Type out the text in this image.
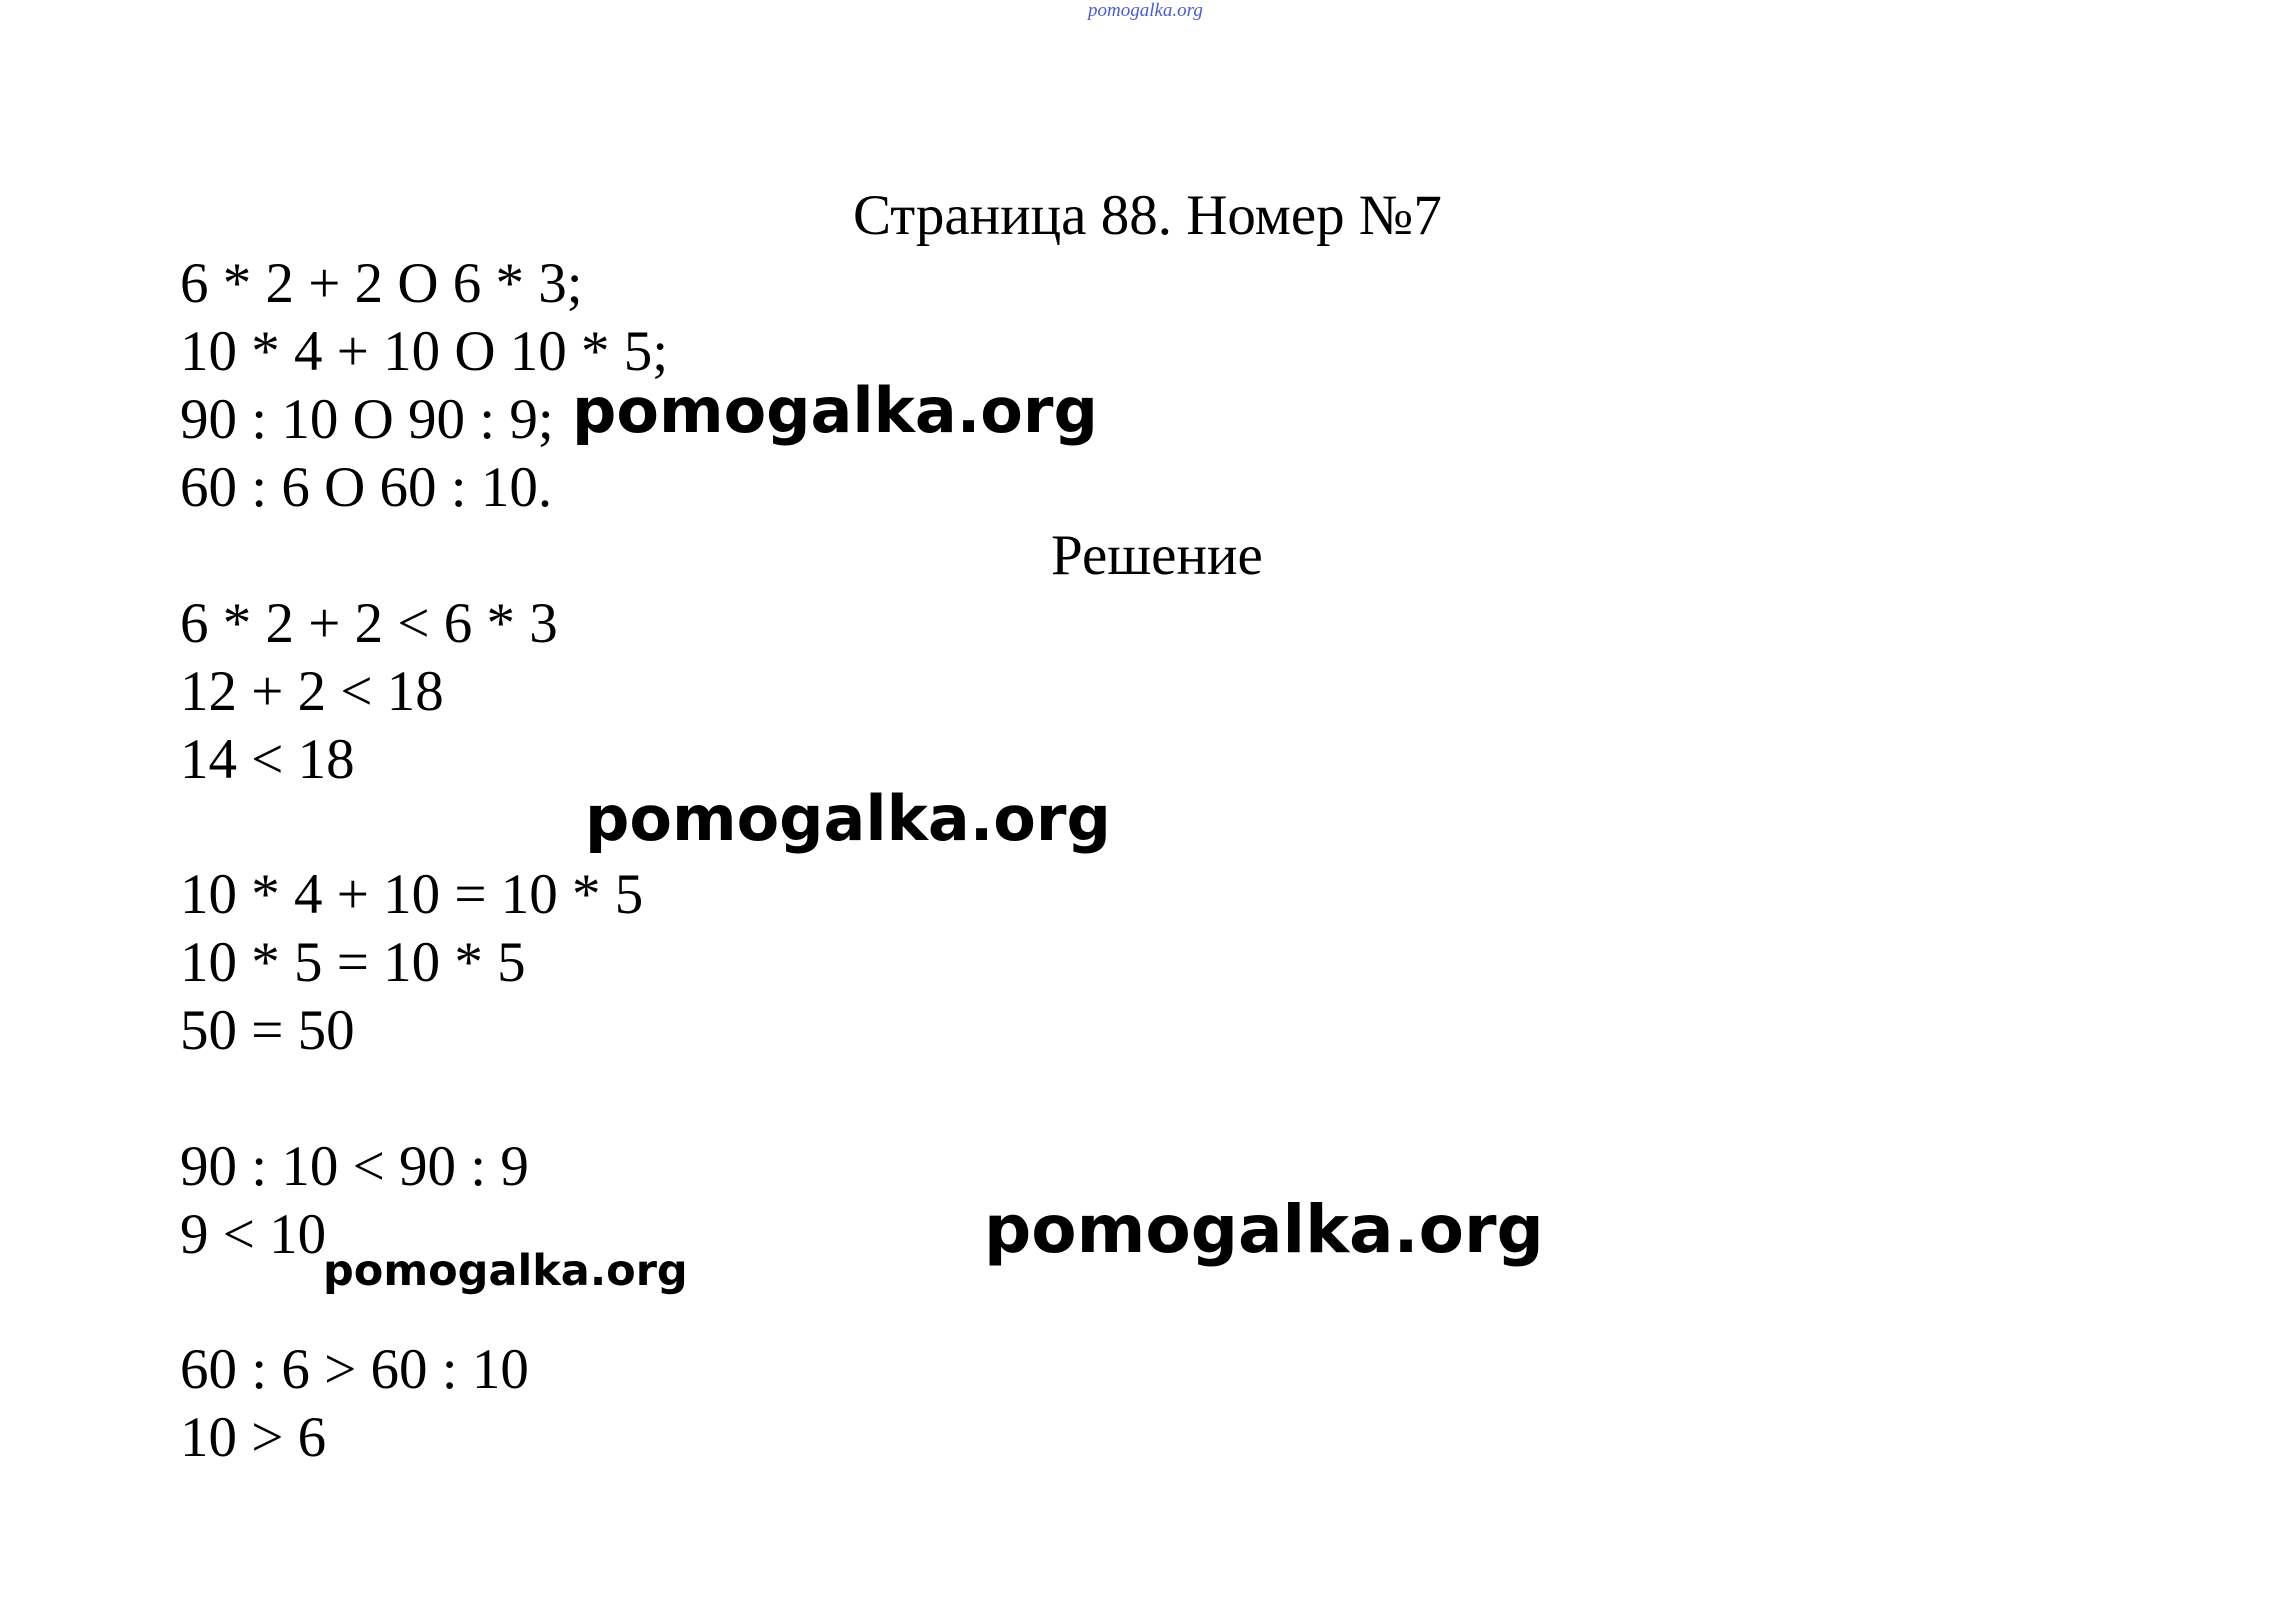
pomogalka.org
Страница 88. Номер №7
6 * 2 + 2 O 6 * 3;
10 * 4 + 10 O 10 * 5;
90 : 10 O 90 : 9;
60 : 6 O 60 : 10.
Решение
6 * 2 + 2 < 6 * 3
12 + 2 < 18
14 < 18
10 * 4 + 10 = 10 * 5
10 * 5 = 10 * 5
50 = 50
90 : 10 < 90 : 9
9 < 10
60 : 6 > 60 : 10
10 > 6
pomogalka.org
pomogalka.org
pomogalka.org
pomogalka.org
